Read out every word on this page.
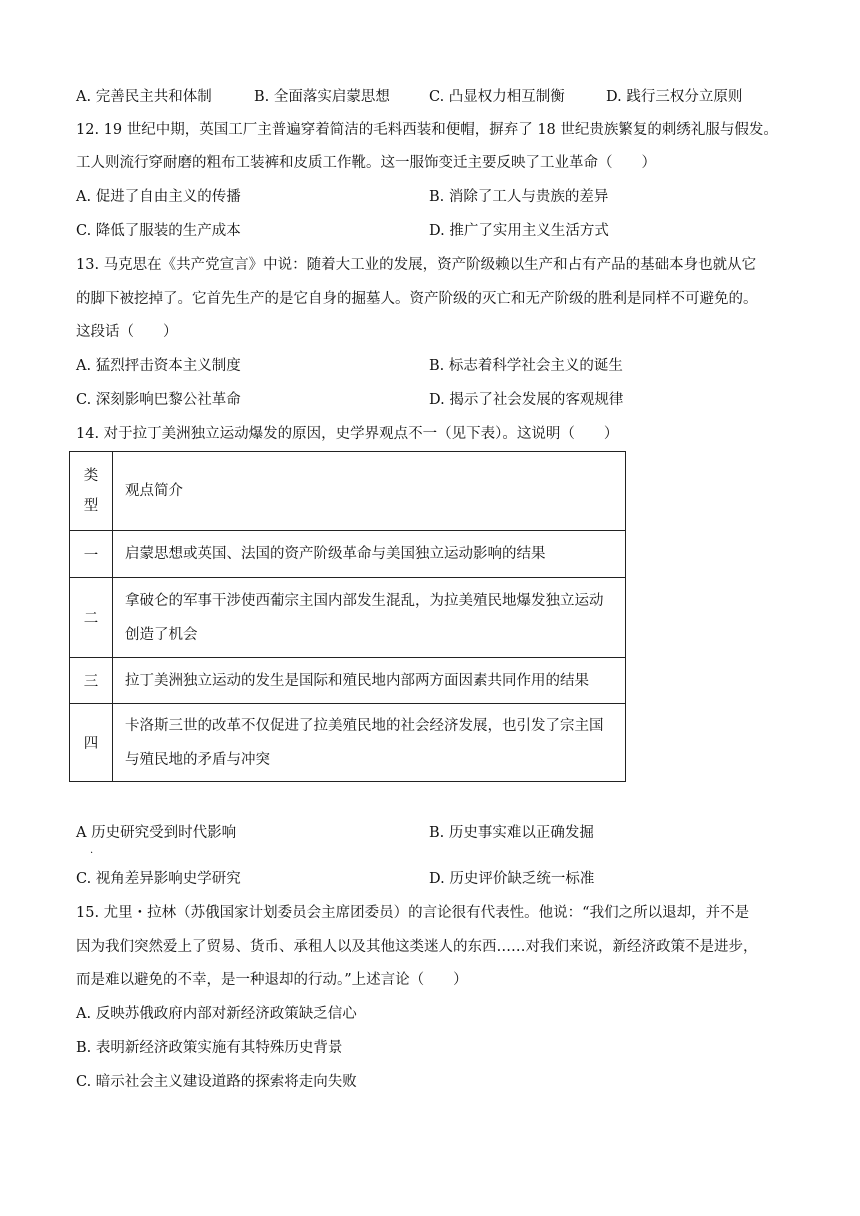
A. 完善民主共和体制	B. 全面落实启蒙思想	C. 凸显权力相互制衡	D. 践行三权分立原则
12. 19 世纪中期，英国工厂主普遍穿着简洁的毛料西装和便帽，摒弃了 18 世纪贵族繁复的刺绣礼服与假发。
工人则流行穿耐磨的粗布工装裤和皮质工作靴。这一服饰变迁主要反映了工业革命（　　）
A. 促进了自由主义的传播	B. 消除了工人与贵族的差异
C. 降低了服装的生产成本	D. 推广了实用主义生活方式
13. 马克思在《共产党宣言》中说：随着大工业的发展，资产阶级赖以生产和占有产品的基础本身也就从它
的脚下被挖掉了。它首先生产的是它自身的掘墓人。资产阶级的灭亡和无产阶级的胜利是同样不可避免的。
这段话（　　）
A. 猛烈抨击资本主义制度	B. 标志着科学社会主义的诞生
C. 深刻影响巴黎公社革命	D. 揭示了社会发展的客观规律
14. 对于拉丁美洲独立运动爆发的原因，史学界观点不一（见下表）。这说明（　　）
类
型	观点简介
一	启蒙思想或英国、法国的资产阶级革命与美国独立运动影响的结果

二	拿破仑的军事干涉使西葡宗主国内部发生混乱，为拉美殖民地爆发独立运动
创造了机会

三	拉丁美洲独立运动的发生是国际和殖民地内部两方面因素共同作用的结果

四	卡洛斯三世的改革不仅促进了拉美殖民地的社会经济发展，也引发了宗主国
与殖民地的矛盾与冲突
A 历史研究受到时代影响	B. 历史事实难以正确发掘
.
C. 视角差异影响史学研究	D. 历史评价缺乏统一标准
15. 尤里・拉林（苏俄国家计划委员会主席团委员）的言论很有代表性。他说：“我们之所以退却，并不是
因为我们突然爱上了贸易、货币、承租人以及其他这类迷人的东西……对我们来说，新经济政策不是进步，
而是难以避免的不幸，是一种退却的行动。”上述言论（　　）
A. 反映苏俄政府内部对新经济政策缺乏信心
B. 表明新经济政策实施有其特殊历史背景
C. 暗示社会主义建设道路的探索将走向失败
